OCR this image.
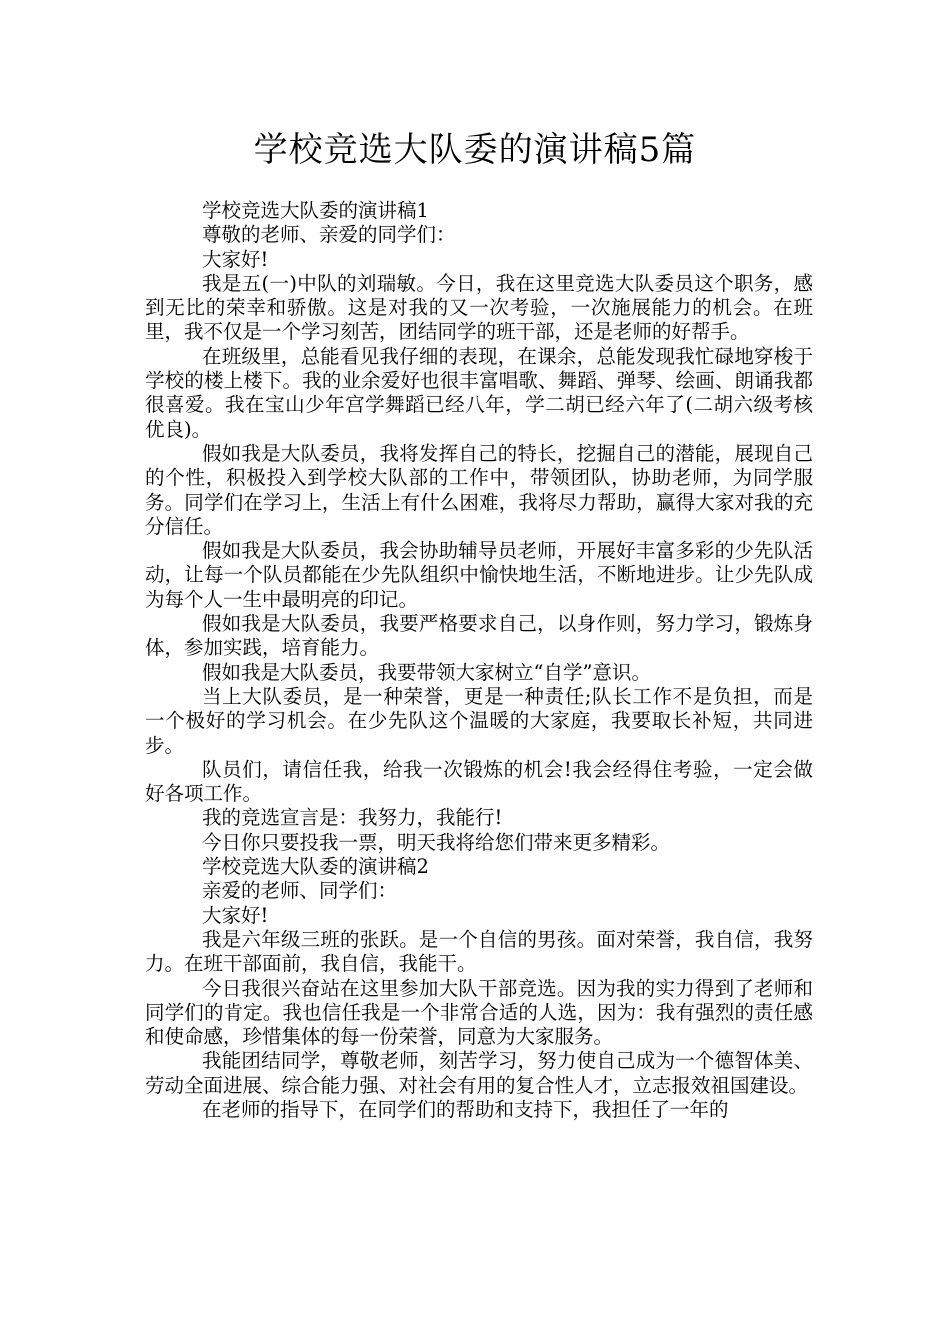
学校竞选大队委的演讲稿5篇

学校竞选大队委的演讲稿1

尊敬的老师、亲爱的同学们：

大家好!

我是五(一)中队的刘瑞敏。今日，我在这里竞选大队委员这个职务，感到无比的荣幸和骄傲。这是对我的又一次考验，一次施展能力的机会。在班里，我不仅是一个学习刻苦，团结同学的班干部，还是老师的好帮手。

在班级里，总能看见我仔细的表现，在课余，总能发现我忙碌地穿梭于学校的楼上楼下。我的业余爱好也很丰富唱歌、舞蹈、弹琴、绘画、朗诵我都很喜爱。我在宝山少年宫学舞蹈已经八年，学二胡已经六年了(二胡六级考核优良)。

假如我是大队委员，我将发挥自己的特长，挖掘自己的潜能，展现自己的个性，积极投入到学校大队部的工作中，带领团队，协助老师，为同学服务。同学们在学习上，生活上有什么困难，我将尽力帮助，赢得大家对我的充分信任。

假如我是大队委员，我会协助辅导员老师，开展好丰富多彩的少先队活动，让每一个队员都能在少先队组织中愉快地生活，不断地进步。让少先队成为每个人一生中最明亮的印记。

假如我是大队委员，我要严格要求自己，以身作则，努力学习，锻炼身体，参加实践，培育能力。

假如我是大队委员，我要带领大家树立“自学”意识。

当上大队委员，是一种荣誉，更是一种责任;队长工作不是负担，而是一个极好的学习机会。在少先队这个温暖的大家庭，我要取长补短，共同进步。

队员们，请信任我，给我一次锻炼的机会!我会经得住考验，一定会做好各项工作。

我的竞选宣言是：我努力，我能行!

今日你只要投我一票，明天我将给您们带来更多精彩。

学校竞选大队委的演讲稿2

亲爱的老师、同学们：

大家好!

我是六年级三班的张跃。是一个自信的男孩。面对荣誉，我自信，我努力。在班干部面前，我自信，我能干。

今日我很兴奋站在这里参加大队干部竞选。因为我的实力得到了老师和同学们的肯定。我也信任我是一个非常合适的人选，因为：我有强烈的责任感和使命感，珍惜集体的每一份荣誉，同意为大家服务。

我能团结同学，尊敬老师，刻苦学习，努力使自己成为一个德智体美、劳动全面进展、综合能力强、对社会有用的复合性人才，立志报效祖国建设。

在老师的指导下，在同学们的帮助和支持下，我担任了一年的
